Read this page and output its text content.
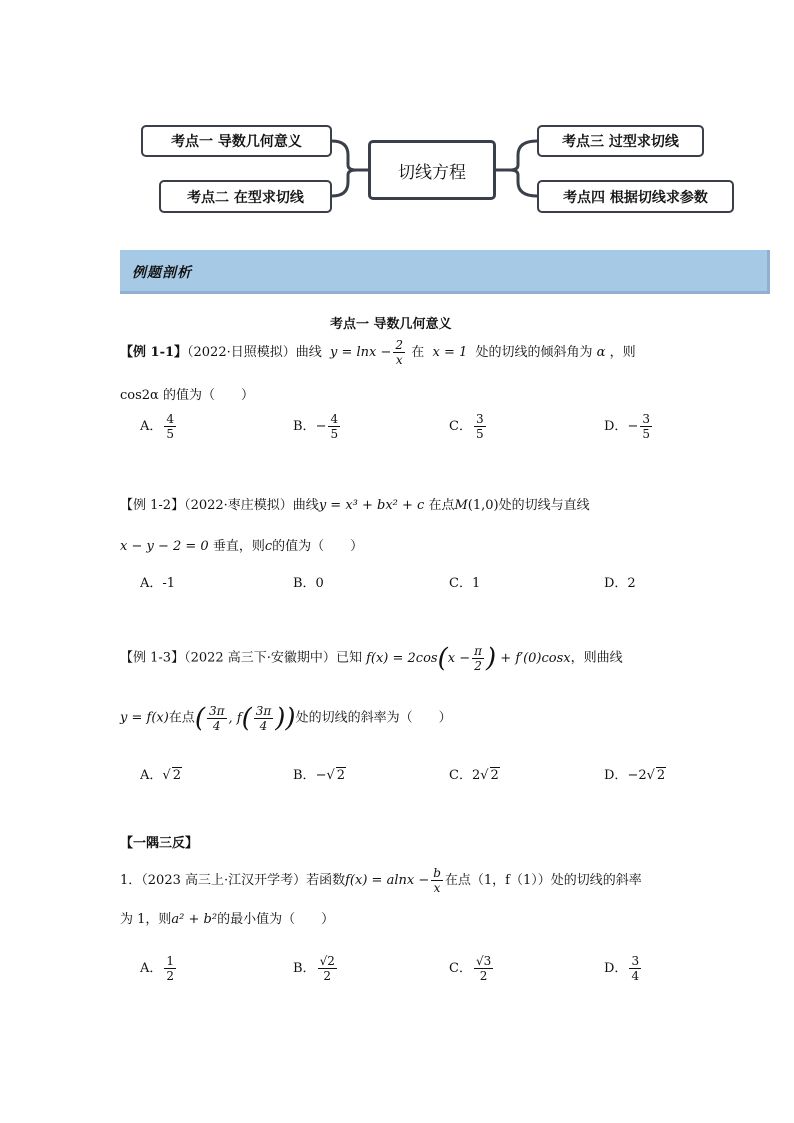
考点一 导数几何意义
考点二 在型求切线
切线方程
考点三 过型求切线
考点四 根据切线求参数
例题剖析
考点一 导数几何意义
【例 1-1】（2022·日照模拟）曲线  $y = \ln x - \frac{2}{x}$ 在 x = 1 处的切线的倾斜角为 α ，则
cos2α 的值为（　　）
A． $\frac{4}{5}$	B．− $\frac{4}{5}$	C． $\frac{3}{5}$	D．− $\frac{3}{5}$
【例 1-2】（2022·枣庄模拟）曲线y = x³ + bx² + c 在点M(1,0)处的切线与直线
x − y − 2 = 0 垂直，则c的值为（　　）
A．-1	B．0	C．1	D．2
【例 1-3】（2022 高三下·安徽期中）已知 $f(x) = 2\cos(x - \frac{\pi}{2}$ ) + f′(0)cosx，则曲线
y = f(x)在点( $\frac{3\pi}{4}$ , $f( \frac{3\pi}{4}$ ))处的切线的斜率为（　　）
A．√ 2	B．−√ 2	C．2√ 2	D．−2√ 2
【一隅三反】
1．（2023 高三上·江汉开学考）若函数$f(x) = alnx - \frac{b}{x}$ 在点（1，f（1））处的切线的斜率
为 1，则a² + b²的最小值为（　　）
A． $\frac{1}{2}$	B． $\frac{√2}{2}$	C． $\frac{√3}{2}$	D． $\frac{3}{4}$
